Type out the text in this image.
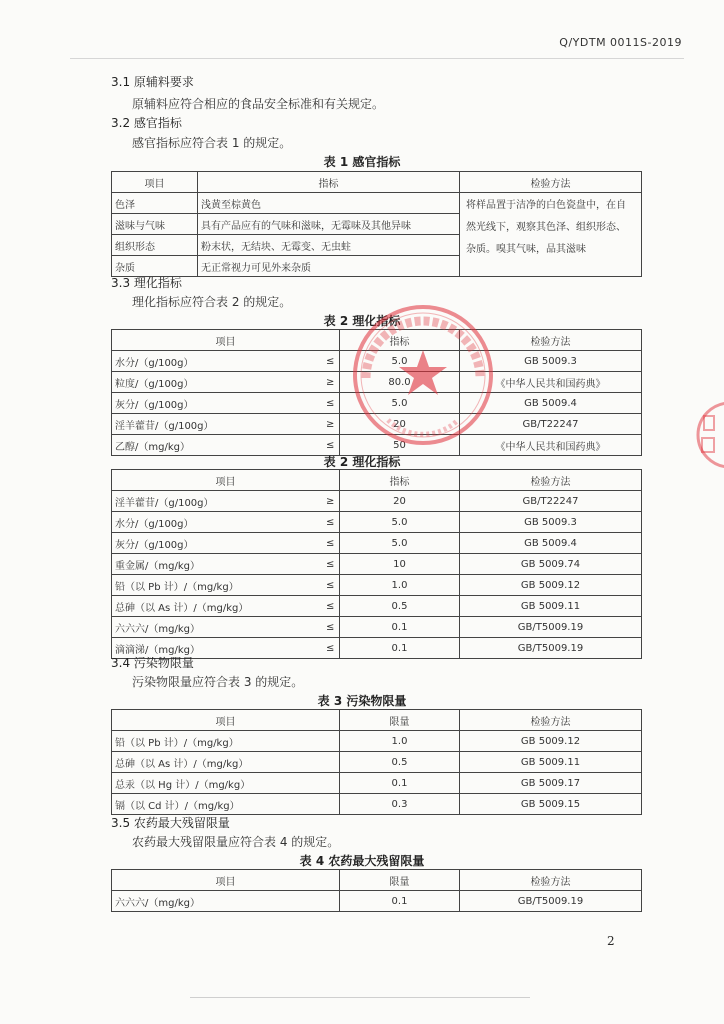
Q/YDTM 0011S-2019
3.1 原辅料要求
原辅料应符合相应的食品安全标准和有关规定。
3.2 感官指标
感官指标应符合表 1 的规定。
表 1 感官指标
项目	指标	检验方法
色泽	浅黄至棕黄色	将样品置于洁净的白色瓷盘中，在自然光线下，观察其色泽、组织形态、杂质。嗅其气味，品其滋味
滋味与气味	具有产品应有的气味和滋味，无霉味及其他异味	
组织形态	粉末状，无结块、无霉变、无虫蛀	
杂质	无正常视力可见外来杂质	
3.3 理化指标
理化指标应符合表 2 的规定。
表 2 理化指标
项目		指标	检验方法
水分/（g/100g）	≤	5.0	GB 5009.3
粒度/（g/100g）	≥	80.0	《中华人民共和国药典》
灰分/（g/100g）	≤	5.0	GB 5009.4
淫羊藿苷/（g/100g）	≥	20	GB/T22247
乙醇/（mg/kg）	≤	50	《中华人民共和国药典》
表 2 理化指标
项目		指标	检验方法
淫羊藿苷/（g/100g）	≥	20	GB/T22247
水分/（g/100g）	≤	5.0	GB 5009.3
灰分/（g/100g）	≤	5.0	GB 5009.4
重金属/（mg/kg）	≤	10	GB 5009.74
铅（以 Pb 计）/（mg/kg）	≤	1.0	GB 5009.12
总砷（以 As 计）/（mg/kg）	≤	0.5	GB 5009.11
六六六/（mg/kg）	≤	0.1	GB/T5009.19
滴滴涕/（mg/kg）	≤	0.1	GB/T5009.19
3.4 污染物限量
污染物限量应符合表 3 的规定。
表 3 污染物限量
项目	限量	检验方法
铅（以 Pb 计）/（mg/kg）	1.0	GB 5009.12
总砷（以 As 计）/（mg/kg）	0.5	GB 5009.11
总汞（以 Hg 计）/（mg/kg）	0.1	GB 5009.17
镉（以 Cd 计）/（mg/kg）	0.3	GB 5009.15
3.5 农药最大残留限量
农药最大残留限量应符合表 4 的规定。
表 4 农药最大残留限量
项目	限量	检验方法
六六六/（mg/kg）	0.1	GB/T5009.19
2
